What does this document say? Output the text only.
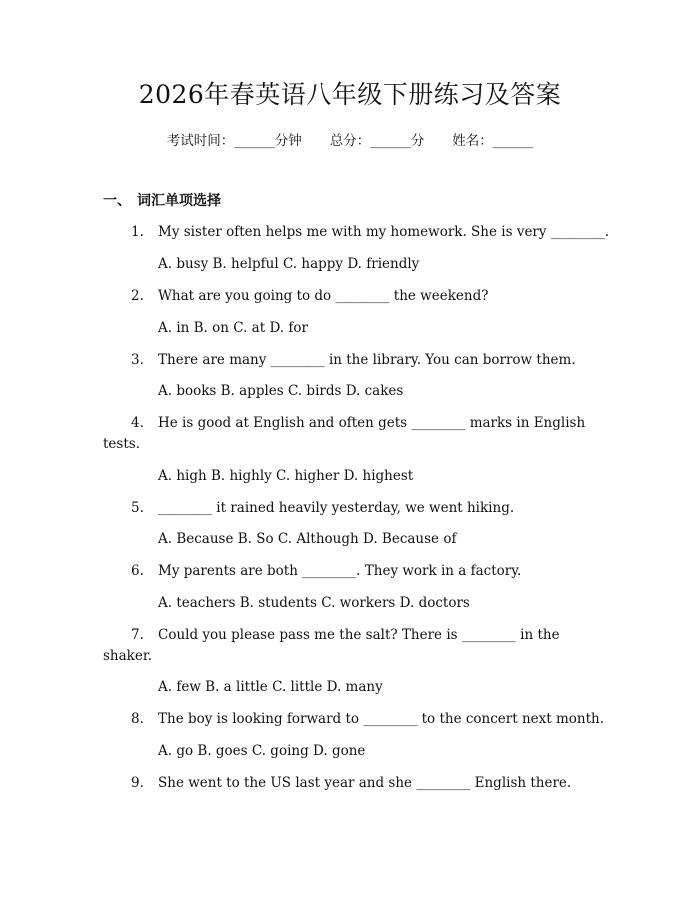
2026年春英语八年级下册练习及答案
考试时间：______分钟 总分：______分 姓名：______
一、 词汇单项选择
1. My sister often helps me with my homework. She is very ________.
A. busy B. helpful C. happy D. friendly
2. What are you going to do ________ the weekend?
A. in B. on C. at D. for
3. There are many ________ in the library. You can borrow them.
A. books B. apples C. birds D. cakes
4. He is good at English and often gets ________ marks in English
tests.
A. high B. highly C. higher D. highest
5. ________ it rained heavily yesterday, we went hiking.
A. Because B. So C. Although D. Because of
6. My parents are both ________. They work in a factory.
A. teachers B. students C. workers D. doctors
7. Could you please pass me the salt? There is ________ in the
shaker.
A. few B. a little C. little D. many
8. The boy is looking forward to ________ to the concert next month.
A. go B. goes C. going D. gone
9. She went to the US last year and she ________ English there.
